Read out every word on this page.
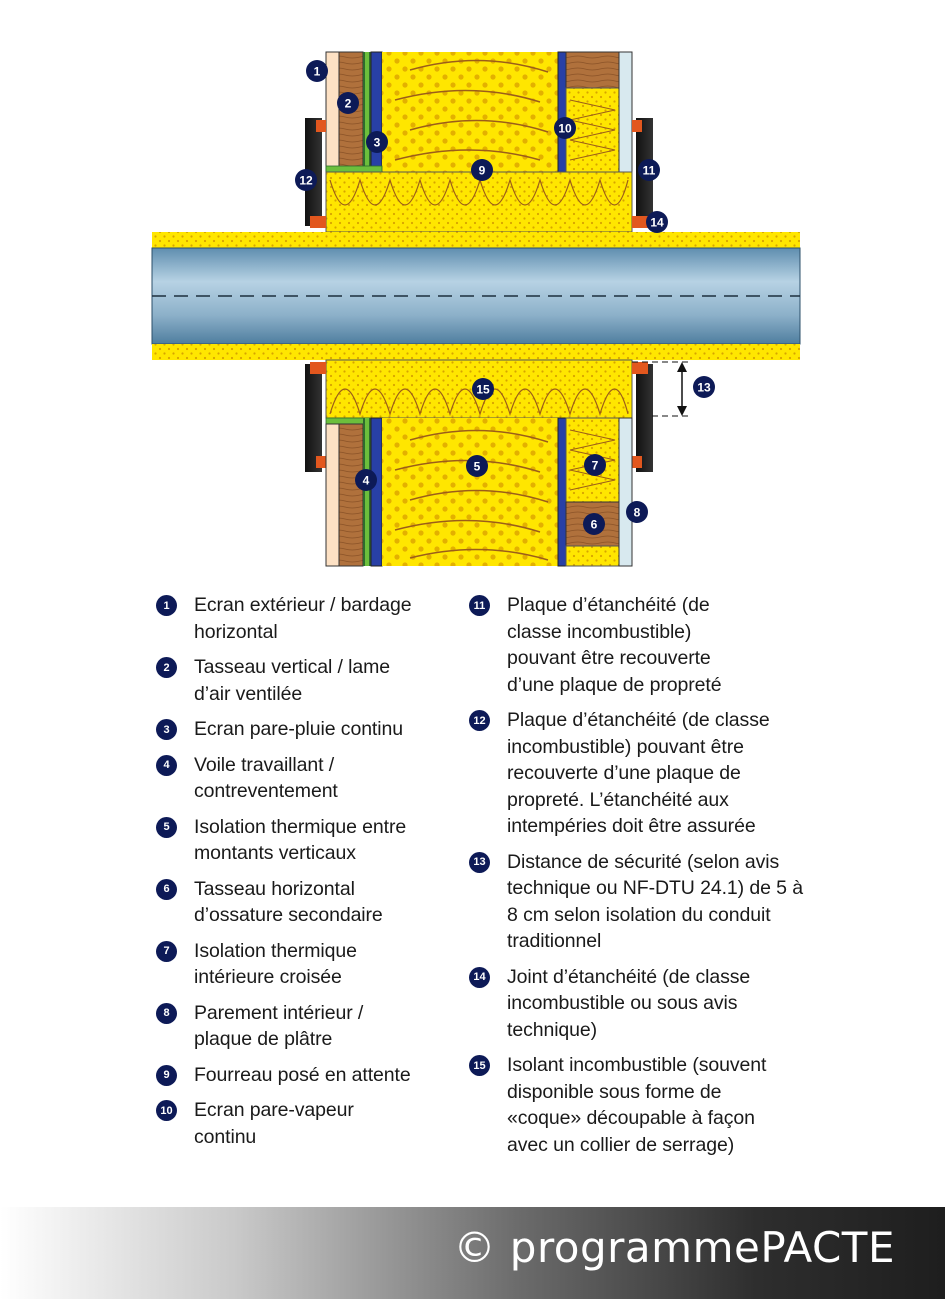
1
2
3
4
5
6
7
8
9
10
11
12
13
14
15
1	Ecran extérieur / bardage horizontal
2	Tasseau vertical / lame d’air ventilée
3	Ecran pare-pluie continu
4	Voile travaillant / contreventement
5	Isolation thermique entre montants verticaux
6	Tasseau horizontal d’ossature secondaire
7	Isolation thermique intérieure croisée
8	Parement intérieur / plaque de plâtre
9	Fourreau posé en attente
10 Ecran pare-vapeur continu
11 Plaque d’étanchéité (de classe incombustible) pouvant être recouverte d’une plaque de propreté
12 Plaque d’étanchéité (de classe incombustible) pouvant être recouverte d’une plaque de propreté. L’étanchéité aux intempéries doit être assurée
13 Distance de sécurité (selon avis technique ou NF-DTU 24.1) de 5 à 8 cm selon isolation du conduit traditionnel
14 Joint d’étanchéité (de classe incombustible ou sous avis technique)
15 Isolant incombustible (souvent disponible sous forme de «coque» découpable à façon avec un collier de serrage)
© programmePACTE
